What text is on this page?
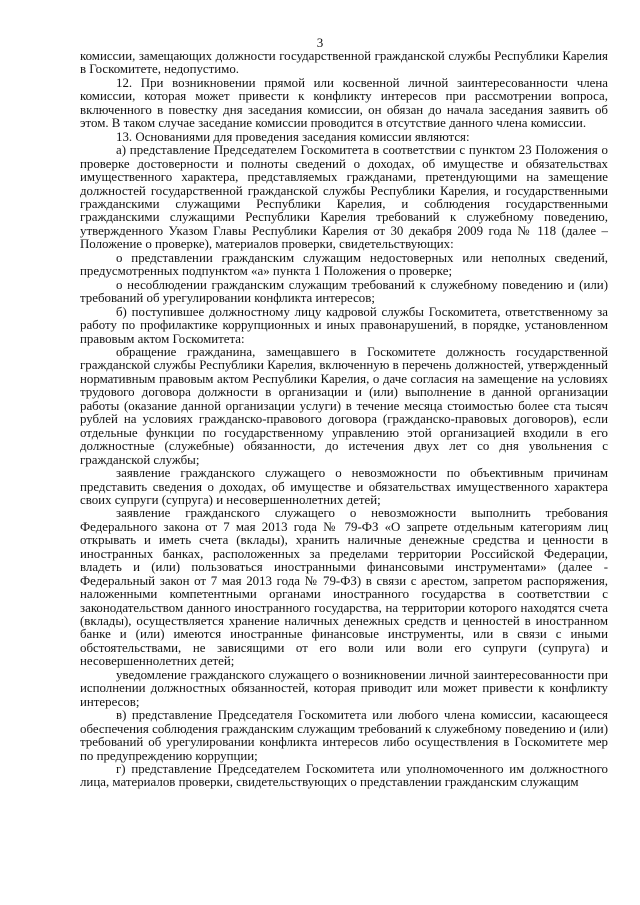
3

комиссии, замещающих должности государственной гражданской службы Республики Карелия в Госкомитете, недопустимо.

12. При возникновении прямой или косвенной личной заинтересованности члена комиссии, которая может привести к конфликту интересов при рассмотрении вопроса, включенного в повестку дня заседания комиссии, он обязан до начала заседания заявить об этом. В таком случае заседание комиссии проводится в отсутствие данного члена комиссии.

13. Основаниями для проведения заседания комиссии являются:

а) представление Председателем Госкомитета в соответствии с пунктом 23 Положения о проверке достоверности и полноты сведений о доходах, об имуществе и обязательствах имущественного характера, представляемых гражданами, претендующими на замещение должностей государственной гражданской службы Республики Карелия, и государственными гражданскими служащими Республики Карелия, и соблюдения государственными гражданскими служащими Республики Карелия требований к служебному поведению, утвержденного Указом Главы Республики Карелия от 30 декабря 2009 года № 118 (далее – Положение о проверке), материалов проверки, свидетельствующих:

о представлении гражданским служащим недостоверных или неполных сведений, предусмотренных подпунктом «а» пункта 1 Положения о проверке;

о несоблюдении гражданским служащим требований к служебному поведению и (или) требований об урегулировании конфликта интересов;

б) поступившее должностному лицу кадровой службы Госкомитета, ответственному за работу по профилактике коррупционных и иных правонарушений, в порядке, установленном правовым актом Госкомитета:

обращение гражданина, замещавшего в Госкомитете должность государственной гражданской службы Республики Карелия, включенную в перечень должностей, утвержденный нормативным правовым актом Республики Карелия, о даче согласия на замещение на условиях трудового договора должности в организации и (или) выполнение в данной организации работы (оказание данной организации услуги) в течение месяца стоимостью более ста тысяч рублей на условиях гражданско-правового договора (гражданско-правовых договоров), если отдельные функции по государственному управлению этой организацией входили в его должностные (служебные) обязанности, до истечения двух лет со дня увольнения с гражданской службы;

заявление гражданского служащего о невозможности по объективным причинам представить сведения о доходах, об имуществе и обязательствах имущественного характера своих супруги (супруга) и несовершеннолетних детей;

заявление гражданского служащего о невозможности выполнить требования Федерального закона от 7 мая 2013 года № 79-ФЗ «О запрете отдельным категориям лиц открывать и иметь счета (вклады), хранить наличные денежные средства и ценности в иностранных банках, расположенных за пределами территории Российской Федерации, владеть и (или) пользоваться иностранными финансовыми инструментами» (далее - Федеральный закон от 7 мая 2013 года № 79-ФЗ) в связи с арестом, запретом распоряжения, наложенными компетентными органами иностранного государства в соответствии с законодательством данного иностранного государства, на территории которого находятся счета (вклады), осуществляется хранение наличных денежных средств и ценностей в иностранном банке и (или) имеются иностранные финансовые инструменты, или в связи с иными обстоятельствами, не зависящими от его воли или воли его супруги (супруга) и несовершеннолетних детей;

уведомление гражданского служащего о возникновении личной заинтересованности при исполнении должностных обязанностей, которая приводит или может привести к конфликту интересов;

в) представление Председателя Госкомитета или любого члена комиссии, касающееся обеспечения соблюдения гражданским служащим требований к служебному поведению и (или) требований об урегулировании конфликта интересов либо осуществления в Госкомитете мер по предупреждению коррупции;

г) представление Председателем Госкомитета или уполномоченного им должностного лица, материалов проверки, свидетельствующих о представлении гражданским служащим
